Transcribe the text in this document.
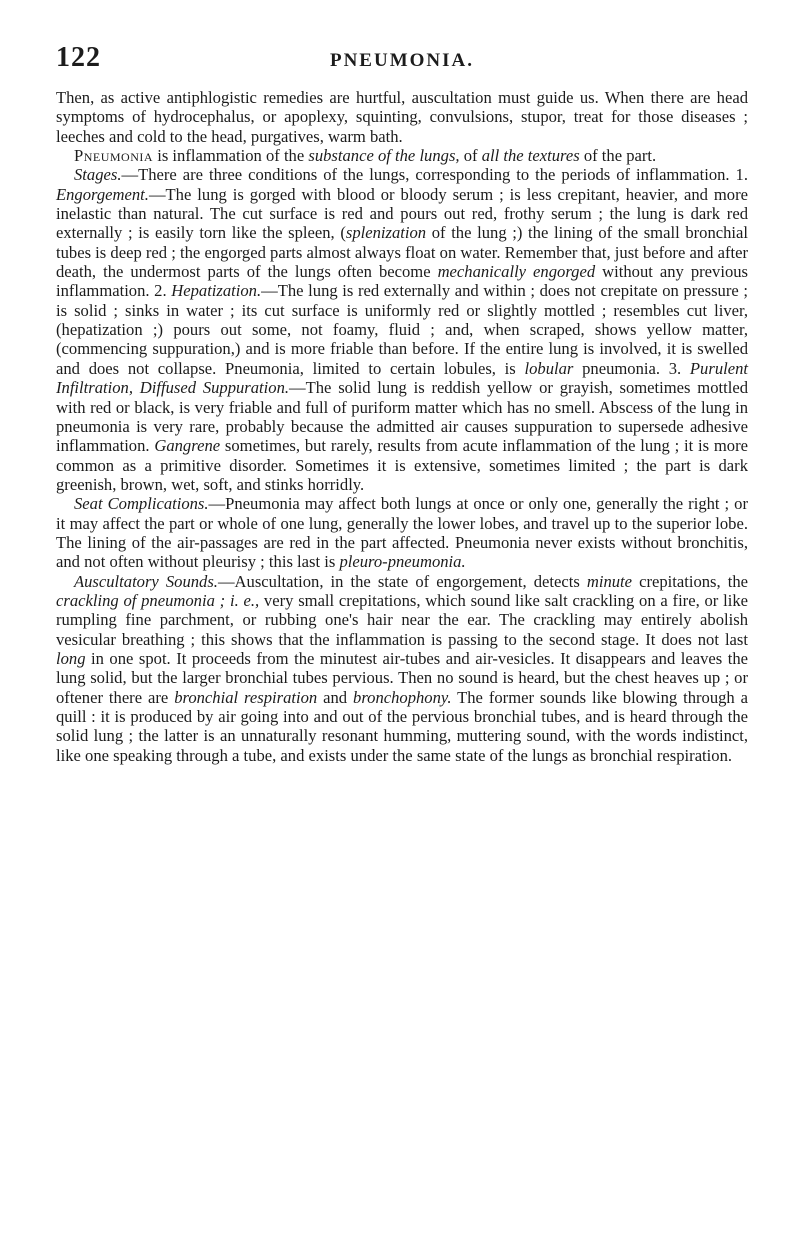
122	PNEUMONIA.

Then, as active antiphlogistic remedies are hurtful, auscultation must guide us. When there are head symptoms of hydrocephalus, or apoplexy, squinting, convulsions, stupor, treat for those diseases ; leeches and cold to the head, purgatives, warm bath.

Pneumonia is inflammation of the substance of the lungs, of all the textures of the part.

Stages.—There are three conditions of the lungs, corresponding to the periods of inflammation. 1. Engorgement.—The lung is gorged with blood or bloody serum ; is less crepitant, heavier, and more inelastic than natural. The cut surface is red and pours out red, frothy serum ; the lung is dark red externally ; is easily torn like the spleen, (splenization of the lung ;) the lining of the small bronchial tubes is deep red ; the engorged parts almost always float on water. Remember that, just before and after death, the undermost parts of the lungs often become mechanically engorged without any previous inflammation. 2. Hepatization.—The lung is red externally and within ; does not crepitate on pressure ; is solid ; sinks in water ; its cut surface is uniformly red or slightly mottled ; resembles cut liver, (hepatization ;) pours out some, not foamy, fluid ; and, when scraped, shows yellow matter, (commencing suppuration,) and is more friable than before. If the entire lung is involved, it is swelled and does not collapse. Pneumonia, limited to certain lobules, is lobular pneumonia. 3. Purulent Infiltration, Diffused Suppuration.—The solid lung is reddish yellow or grayish, sometimes mottled with red or black, is very friable and full of puriform matter which has no smell. Abscess of the lung in pneumonia is very rare, probably because the admitted air causes suppuration to supersede adhesive inflammation. Gangrene sometimes, but rarely, results from acute inflammation of the lung ; it is more common as a primitive disorder. Sometimes it is extensive, sometimes limited ; the part is dark greenish, brown, wet, soft, and stinks horridly.

Seat Complications.—Pneumonia may affect both lungs at once or only one, generally the right ; or it may affect the part or whole of one lung, generally the lower lobes, and travel up to the superior lobe. The lining of the air-passages are red in the part affected. Pneumonia never exists without bronchitis, and not often without pleurisy ; this last is pleuro-pneumonia.

Auscultatory Sounds.—Auscultation, in the state of engorgement, detects minute crepitations, the crackling of pneumonia ; i. e., very small crepitations, which sound like salt crackling on a fire, or like rumpling fine parchment, or rubbing one's hair near the ear. The crackling may entirely abolish vesicular breathing ; this shows that the inflammation is passing to the second stage. It does not last long in one spot. It proceeds from the minutest air-tubes and air-vesicles. It disappears and leaves the lung solid, but the larger bronchial tubes pervious. Then no sound is heard, but the chest heaves up ; or oftener there are bronchial respiration and bronchophony. The former sounds like blowing through a quill : it is produced by air going into and out of the pervious bronchial tubes, and is heard through the solid lung ; the latter is an unnaturally resonant humming, muttering sound, with the words indistinct, like one speaking through a tube, and exists under the same state of the lungs as bronchial respiration.
